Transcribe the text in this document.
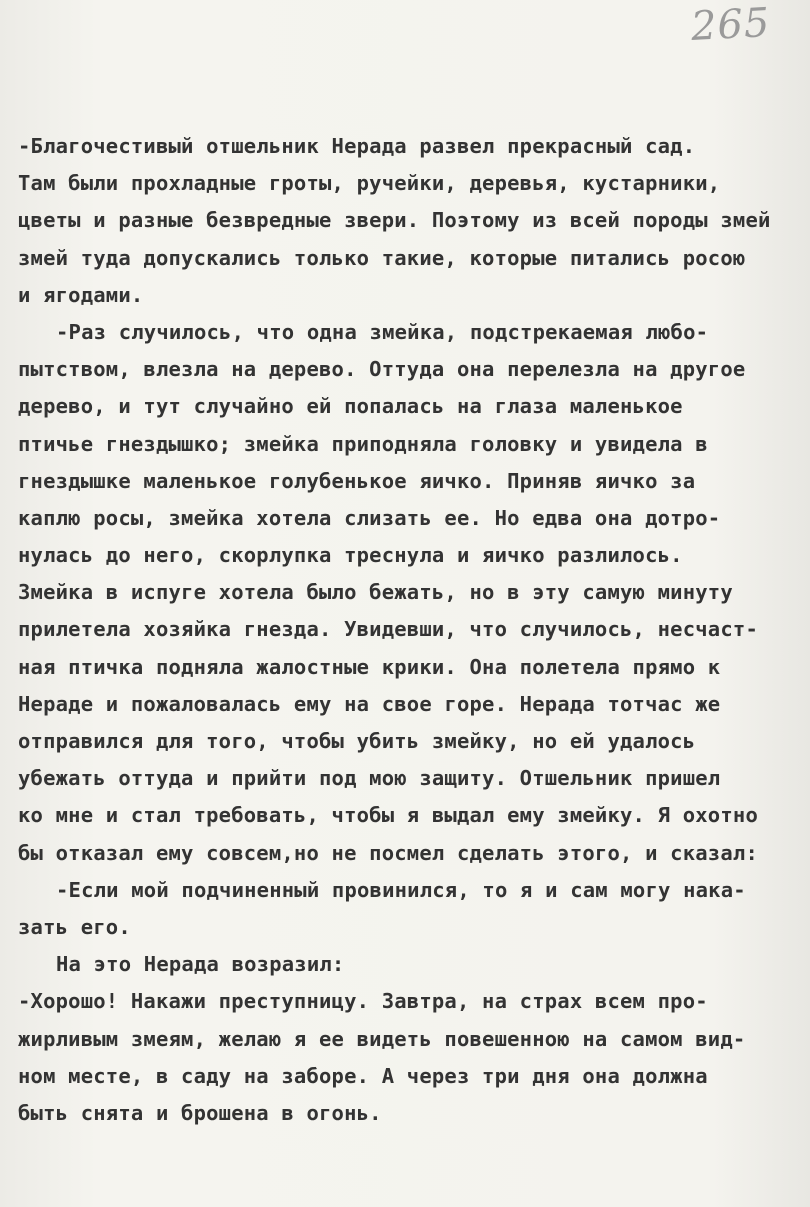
265
-Благочестивый отшельник Нерада развел прекрасный сад.
Там были прохладные гроты, ручейки, деревья, кустарники,
цветы и разные безвредные звери. Поэтому из всей породы змей
змей туда допускались только такие, которые питались росою
и ягодами.
-Раз случилось, что одна змейка, подстрекаемая любо-
пытством, влезла на дерево. Оттуда она перелезла на другое
дерево, и тут случайно ей попалась на глаза маленькое
птичье гнездышко; змейка приподняла головку и увидела в
гнездышке маленькое голубенькое яичко. Приняв яичко за
каплю росы, змейка хотела слизать ее. Но едва она дотро-
нулась до него, скорлупка треснула и яичко разлилось.
Змейка в испуге хотела было бежать, но в эту самую минуту
прилетела хозяйка гнезда. Увидевши, что случилось, несчаст-
ная птичка подняла жалостные крики. Она полетела прямо к
Нераде и пожаловалась ему на свое горе. Нерада тотчас же
отправился для того, чтобы убить змейку, но ей удалось
убежать оттуда и прийти под мою защиту. Отшельник пришел
ко мне и стал требовать, чтобы я выдал ему змейку. Я охотно
бы отказал ему совсем,но не посмел сделать этого, и сказал:
-Если мой подчиненный провинился, то я и сам могу нака-
зать его.
На это Нерада возразил:
-Хорошо! Накажи преступницу. Завтра, на страх всем про-
жирливым змеям, желаю я ее видеть повешенною на самом вид-
ном месте, в саду на заборе. А через три дня она должна
быть снята и брошена в огонь.
